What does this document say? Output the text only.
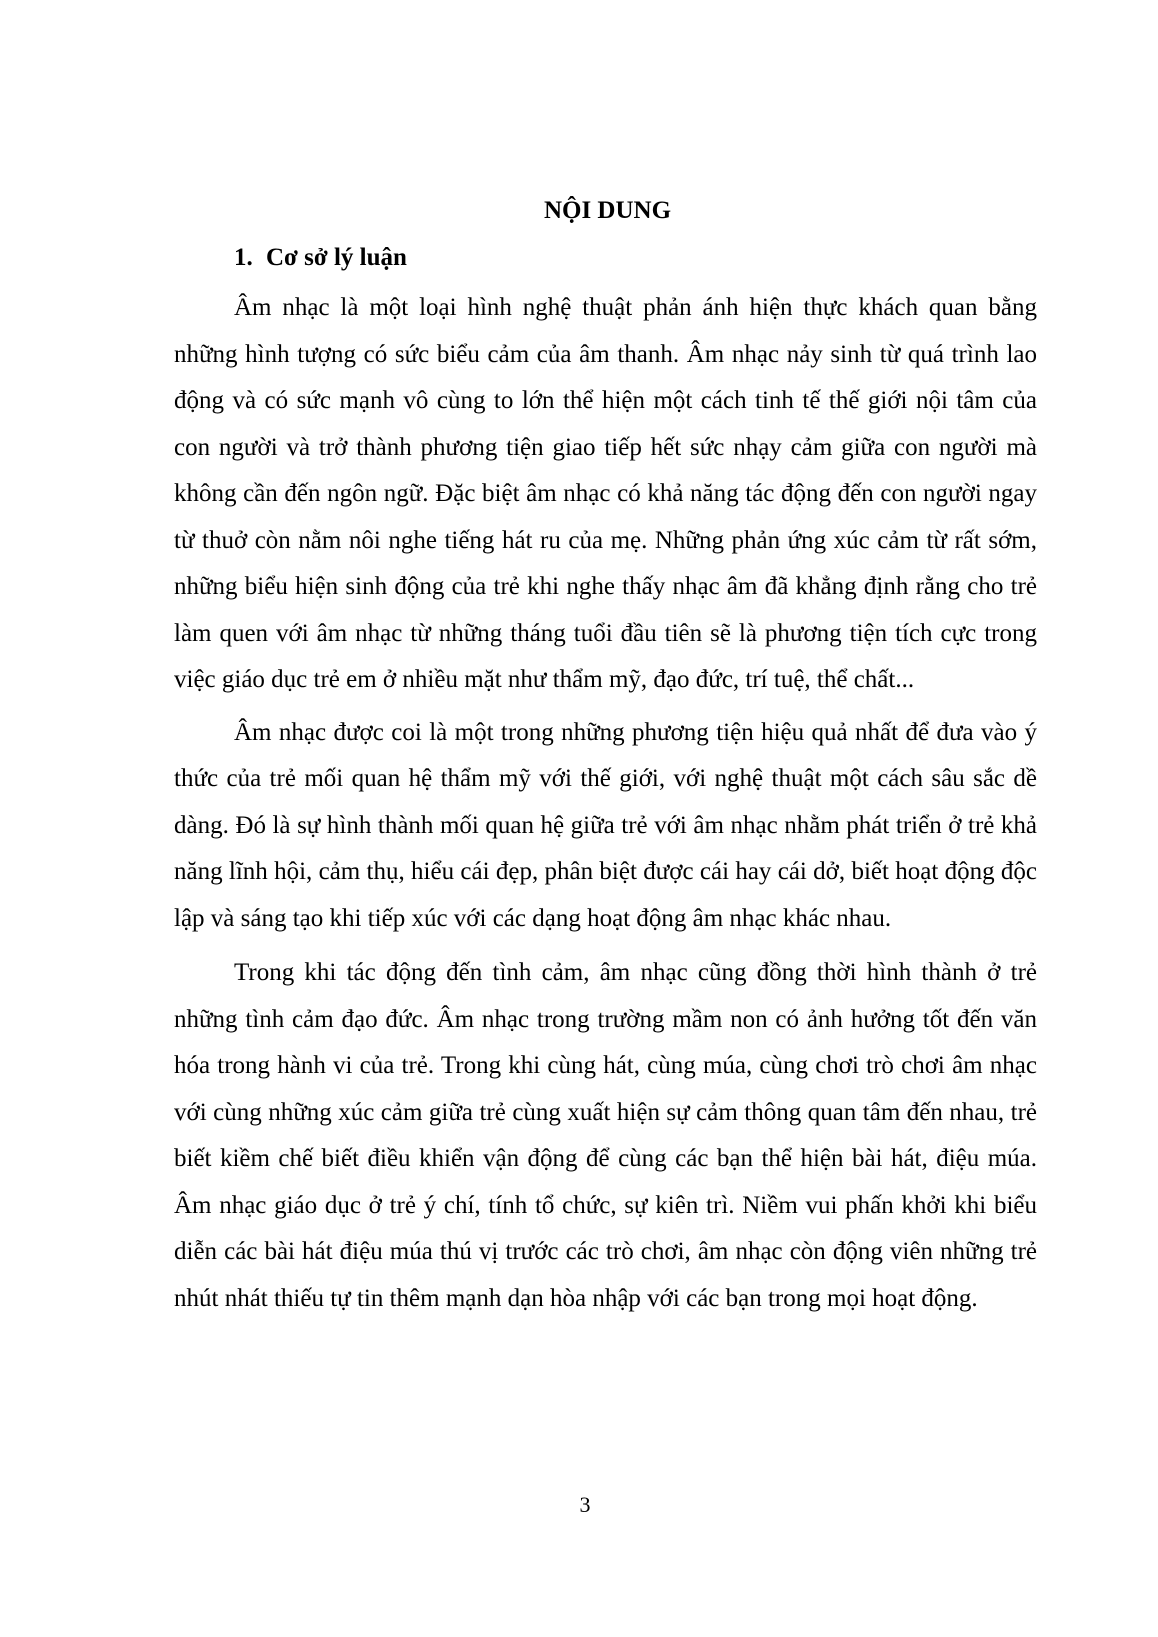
NỘI DUNG
1. Cơ sở lý luận

Âm nhạc là một loại hình nghệ thuật phản ánh hiện thực khách quan bằng những hình tượng có sức biểu cảm của âm thanh. Âm nhạc nảy sinh từ quá trình lao động và có sức mạnh vô cùng to lớn thể hiện một cách tinh tế thế giới nội tâm của con người và trở thành phương tiện giao tiếp hết sức nhạy cảm giữa con người mà không cần đến ngôn ngữ. Đặc biệt âm nhạc có khả năng tác động đến con người ngay từ thuở còn nằm nôi nghe tiếng hát ru của mẹ. Những phản ứng xúc cảm từ rất sớm, những biểu hiện sinh động của trẻ khi nghe thấy nhạc âm đã khẳng định rằng cho trẻ làm quen với âm nhạc từ những tháng tuổi đầu tiên sẽ là phương tiện tích cực trong việc giáo dục trẻ em ở nhiều mặt như thẩm mỹ, đạo đức, trí tuệ, thể chất...

Âm nhạc được coi là một trong những phương tiện hiệu quả nhất để đưa vào ý thức của trẻ mối quan hệ thẩm mỹ với thế giới, với nghệ thuật một cách sâu sắc dề dàng. Đó là sự hình thành mối quan hệ giữa trẻ với âm nhạc nhằm phát triển ở trẻ khả năng lĩnh hội, cảm thụ, hiểu cái đẹp, phân biệt được cái hay cái dở, biết hoạt động độc lập và sáng tạo khi tiếp xúc với các dạng hoạt động âm nhạc khác nhau.

Trong khi tác động đến tình cảm, âm nhạc cũng đồng thời hình thành ở trẻ những tình cảm đạo đức. Âm nhạc trong trường mầm non có ảnh hưởng tốt đến văn hóa trong hành vi của trẻ. Trong khi cùng hát, cùng múa, cùng chơi trò chơi âm nhạc với cùng những xúc cảm giữa trẻ cùng xuất hiện sự cảm thông quan tâm đến nhau, trẻ biết kiềm chế biết điều khiển vận động để cùng các bạn thể hiện bài hát, điệu múa. Âm nhạc giáo dục ở trẻ ý chí, tính tổ chức, sự kiên trì. Niềm vui phấn khởi khi biểu diễn các bài hát điệu múa thú vị trước các trò chơi, âm nhạc còn động viên những trẻ nhút nhát thiếu tự tin thêm mạnh dạn hòa nhập với các bạn trong mọi hoạt động.

3
